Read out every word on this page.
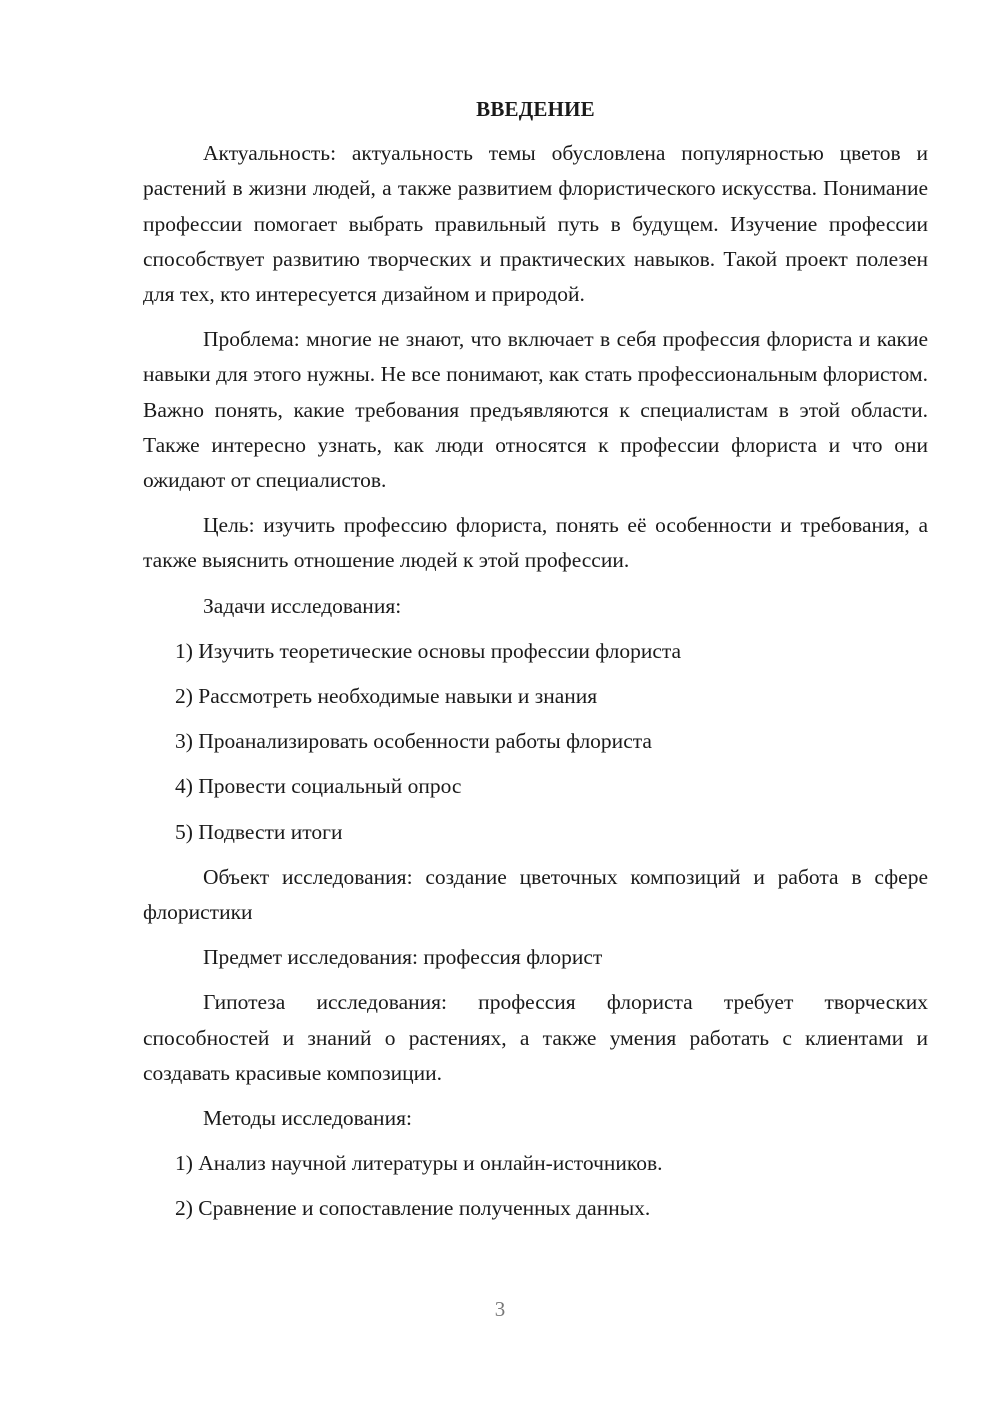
ВВЕДЕНИЕ

Актуальность: актуальность темы обусловлена популярностью цветов и растений в жизни людей, а также развитием флористического искусства. Понимание профессии помогает выбрать правильный путь в будущем. Изучение профессии способствует развитию творческих и практических навыков. Такой проект полезен для тех, кто интересуется дизайном и природой.

Проблема: многие не знают, что включает в себя профессия флориста и какие навыки для этого нужны. Не все понимают, как стать профессиональным флористом. Важно понять, какие требования предъявляются к специалистам в этой области. Также интересно узнать, как люди относятся к профессии флориста и что они ожидают от специалистов.

Цель: изучить профессию флориста, понять её особенности и требования, а также выяснить отношение людей к этой профессии.

Задачи исследования:

1) Изучить теоретические основы профессии флориста

2) Рассмотреть необходимые навыки и знания

3) Проанализировать особенности работы флориста

4) Провести социальный опрос

5) Подвести итоги

Объект исследования: создание цветочных композиций и работа в сфере флористики

Предмет исследования: профессия флорист

Гипотеза исследования: профессия флориста требует творческих способностей и знаний о растениях, а также умения работать с клиентами и создавать красивые композиции.

Методы исследования:

1) Анализ научной литературы и онлайн-источников.

2) Сравнение и сопоставление полученных данных.

3
